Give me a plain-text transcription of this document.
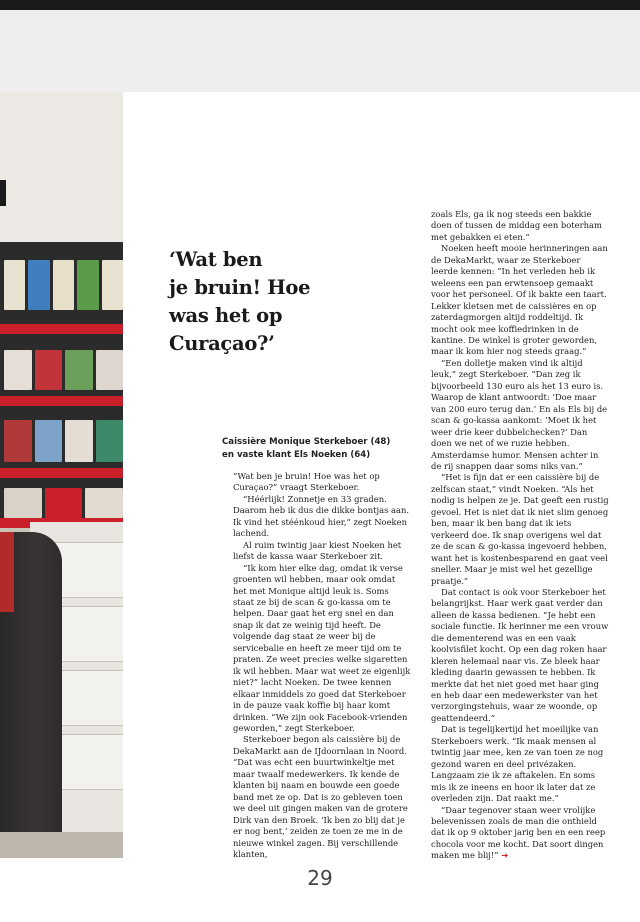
‘Wat ben
je bruin! Hoe
was het op
Curaçao?’
Caissière Monique Sterkeboer (48)
en vaste klant Els Noeken (64)

“Wat ben je bruin! Hoe was het op Curaçao?” vraagt Sterkeboer.

“Héérlijk! Zonnetje en 33 graden. Daarom heb ik dus die dikke bontjas aan. Ik vind het stéénkoud hier,” zegt Noeken lachend.

Al ruim twintig jaar kiest Noeken het liefst de kassa waar Sterkeboer zit.

“Ik kom hier elke dag, omdat ik verse groenten wil hebben, maar ook omdat het met Monique altijd leuk is. Soms staat ze bij de scan & go-kassa om te helpen. Daar gaat het erg snel en dan snap ik dat ze weinig tijd heeft. De volgende dag staat ze weer bij de servicebalie en heeft ze meer tijd om te praten. Ze weet precies welke sigaretten ik wil hebben. Maar wat weet ze eigenlijk niet?” lacht Noeken. De twee kennen elkaar inmiddels zo goed dat Sterkeboer in de pauze vaak koffie bij haar komt drinken. “We zijn ook Facebook-vrienden geworden,” zegt Sterkeboer.

Sterkeboer begon als caissière bij de DekaMarkt aan de IJdoornlaan in Noord. “Dat was echt een buurtwinkeltje met maar twaalf medewerkers. Ik kende de klanten bij naam en bouwde een goede band met ze op. Dat is zo gebleven toen we deel uit gingen maken van de grotere Dirk van den Broek. ‘Ik ben zo blij dat je er nog bent,’ zeiden ze toen ze me in de nieuwe winkel zagen. Bij verschillende klanten,

zoals Els, ga ik nog steeds een bakkie doen of tussen de middag een boterham met gebakken ei eten.”

Noeken heeft mooie herinneringen aan de DekaMarkt, waar ze Sterkeboer leerde kennen: “In het verleden heb ik weleens een pan erwtensoep gemaakt voor het personeel. Of ik bakte een taart. Lekker kletsen met de caissières en op zaterdagmorgen altijd roddeltijd. Ik mocht ook mee koffiedrinken in de kantine. De winkel is groter geworden, maar ik kom hier nog steeds graag.”

“Een dolletje maken vind ik altijd leuk,” zegt Sterkeboer. “Dan zeg ik bijvoorbeeld 130 euro als het 13 euro is. Waarop de klant antwoordt: ‘Doe maar van 200 euro terug dan.’ En als Els bij de scan & go-kassa aankomt: ‘Moet ik het weer drie keer dubbelchecken?’ Dan doen we net of we ruzie hebben. Amsterdamse humor. Mensen achter in de rij snappen daar soms niks van.”

“Het is fijn dat er een caissière bij de zelfscan staat,” vindt Noeken. “Als het nodig is helpen ze je. Dat geeft een rustig gevoel. Het is niet dat ik niet slim genoeg ben, maar ik ben bang dat ik iets verkeerd doe. Ik snap overigens wel dat ze de scan & go-kassa ingevoerd hebben, want het is kostenbesparend en gaat veel sneller. Maar je mist wel het gezellige praatje.”

Dat contact is ook voor Sterkeboer het belangrijkst. Haar werk gaat verder dan alleen de kassa bedienen. “Je hebt een sociale functie. Ik herinner me een vrouw die dementerend was en een vaak koolvisfilet kocht. Op een dag roken haar kleren helemaal naar vis. Ze bleek haar kleding daarin gewassen te hebben. Ik merkte dat het niet goed met haar ging en heb daar een medewerkster van het verzorgingstehuis, waar ze woonde, op geattendeerd.”

Dat is tegelijkertijd het moeilijke van Sterkeboers werk. “Ik maak mensen al twintig jaar mee, ken ze van toen ze nog gezond waren en deel privézaken. Langzaam zie ik ze aftakelen. En soms mis ik ze ineens en hoor ik later dat ze overleden zijn. Dat raakt me.”

“Daar tegenover staan weer vrolijke belevenissen zoals de man die onthield dat ik op 9 oktober jarig ben en een reep chocola voor me kocht. Dat soort dingen maken me blij!” ➔

29
